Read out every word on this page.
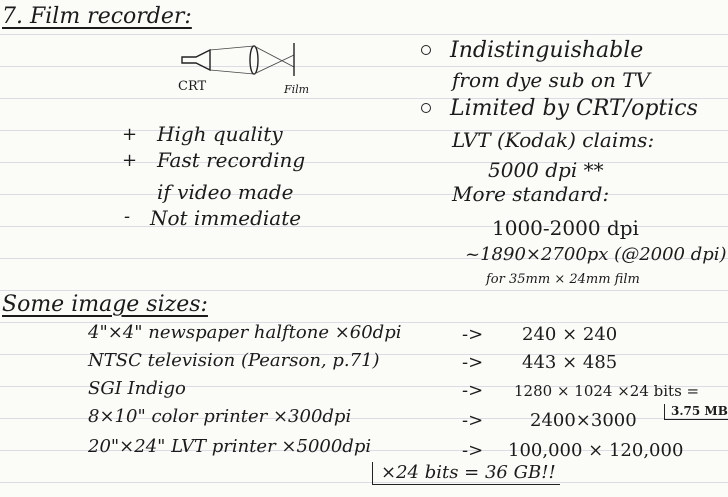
7. Film recorder:
CRT	Film
+ High quality
+ Fast recording
if video made
- Not immediate
Indistinguishable
from dye sub on TV
Limited by CRT/optics
LVT (Kodak) claims:
5000 dpi **
More standard:
1000-2000 dpi
~1890×2700px (@2000 dpi)
for 35mm × 24mm film
Some image sizes:
4"×4" newspaper halftone ×60dpi	-> 240 × 240
NTSC television (Pearson, p.71)	-> 443 × 485
SGI Indigo	-> 1280 × 1024 ×24 bits =
3.75 MB
8×10" color printer ×300dpi	->	2400×3000
20"×24" LVT printer ×5000dpi	-> 100,000 × 120,000
×24 bits = 36 GB!!
